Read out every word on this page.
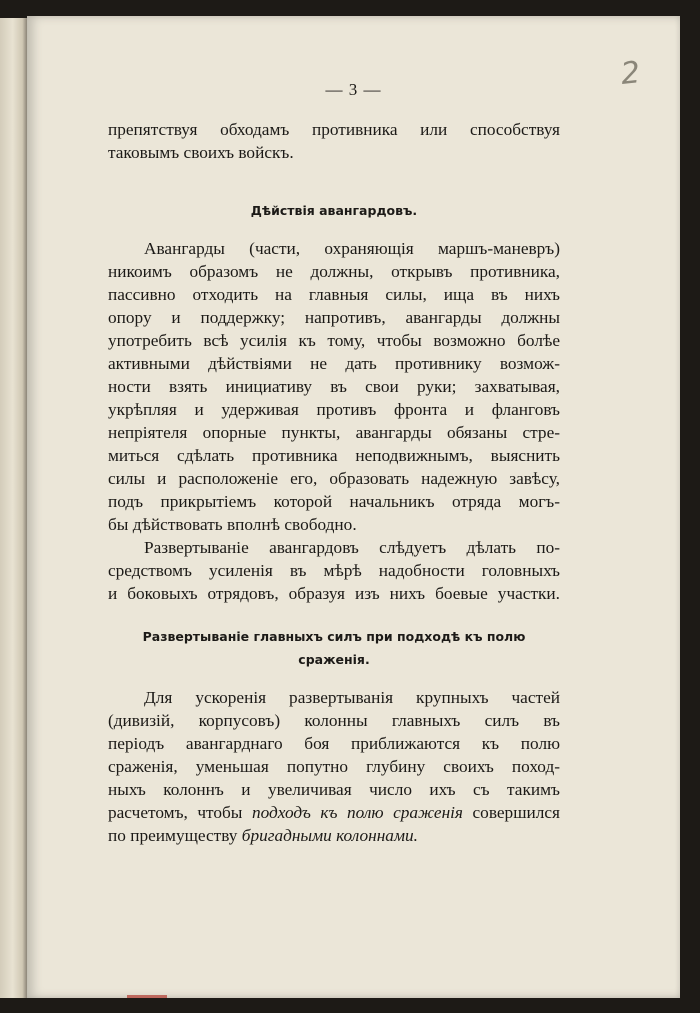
— 3 —	2
препятствуя обходамъ противника или способствуя
таковымъ своихъ войскъ.
Дѣйствія авангардовъ.
Авангарды (части, охраняющія маршъ-маневръ)
никоимъ образомъ не должны, открывъ противника,
пассивно отходить на главныя силы, ища въ нихъ
опору и поддержку; напротивъ, авангарды должны
употребить всѣ усилія къ тому, чтобы возможно болѣе
активными дѣйствіями не дать противнику возмож-
ности взять инициативу въ свои руки; захватывая,
укрѣпляя и удерживая противъ фронта и фланговъ
непріятеля опорные пункты, авангарды обязаны стре-
миться сдѣлать противника неподвижнымъ, выяснить
силы и расположеніе его, образовать надежную завѣсу,
подъ прикрытіемъ которой начальникъ отряда могъ-
бы дѣйствовать вполнѣ свободно.
Развертываніе авангардовъ слѣдуетъ дѣлать по-
средствомъ усиленія въ мѣрѣ надобности головныхъ
и боковыхъ отрядовъ, образуя изъ нихъ боевые участки.
Развертываніе главныхъ силъ при подходѣ къ полю
сраженія.
Для ускоренія развертыванія крупныхъ частей
(дивизій, корпусовъ) колонны главныхъ силъ въ
періодъ авангарднаго боя приближаются къ полю
сраженія, уменьшая попутно глубину своихъ поход-
ныхъ колоннъ и увеличивая число ихъ съ такимъ
расчетомъ, чтобы подходъ къ полю сраженія совершился
по преимуществу бригадными колоннами.
